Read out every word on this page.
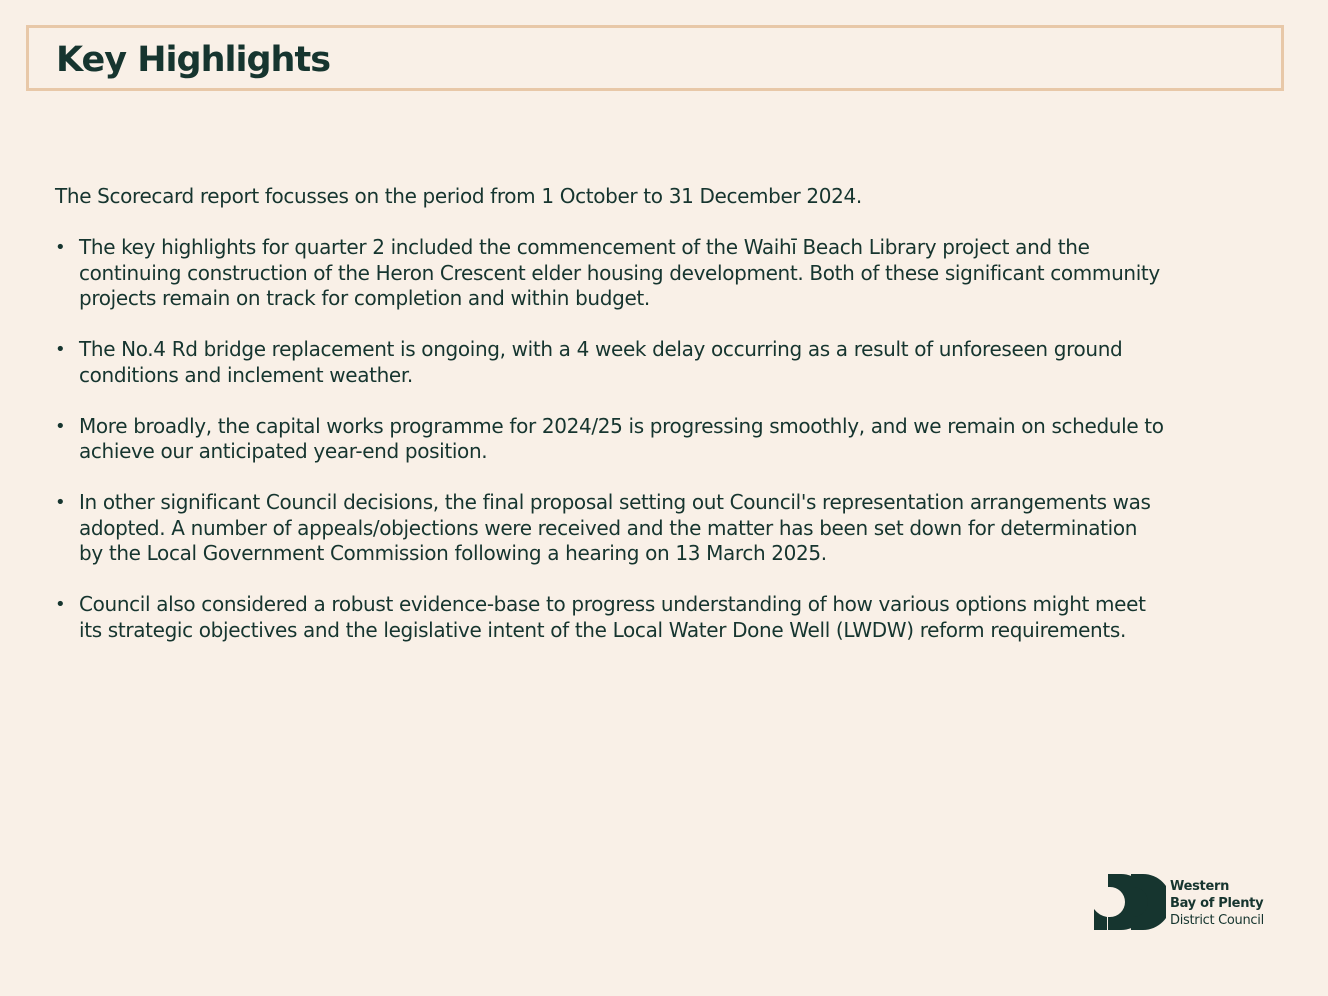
Key Highlights

The Scorecard report focusses on the period from 1 October to 31 December 2024.

• The key highlights for quarter 2 included the commencement of the Waihī Beach Library project and the
continuing construction of the Heron Crescent elder housing development. Both of these significant community
projects remain on track for completion and within budget.
• The No.4 Rd bridge replacement is ongoing, with a 4 week delay occurring as a result of unforeseen ground
conditions and inclement weather.
• More broadly, the capital works programme for 2024/25 is progressing smoothly, and we remain on schedule to
achieve our anticipated year-end position.
• In other significant Council decisions, the final proposal setting out Council's representation arrangements was
adopted. A number of appeals/objections were received and the matter has been set down for determination
by the Local Government Commission following a hearing on 13 March 2025.
• Council also considered a robust evidence-base to progress understanding of how various options might meet
its strategic objectives and the legislative intent of the Local Water Done Well (LWDW) reform requirements.
Western
Bay of Plenty
District Council
